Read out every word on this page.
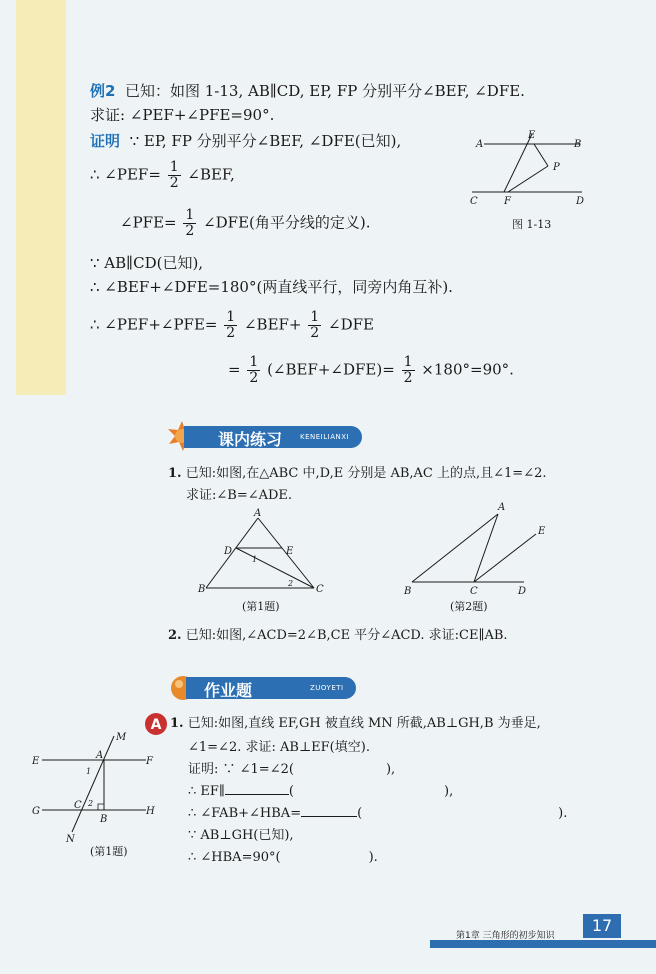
例2 已知：如图 1-13, AB∥CD, EP, FP 分别平分∠BEF, ∠DFE.
求证: ∠PEF+∠PFE=90°.
证明 ∵ EP, FP 分别平分∠BEF, ∠DFE(已知),
∴ ∠PEF= $\frac{1}{2}$ ∠BEF,
∠PFE= $\frac{1}{2}$ ∠DFE(角平分线的定义).
∵ AB∥CD(已知),
∴ ∠BEF+∠DFE=180°(两直线平行，同旁内角互补).
∴ ∠PEF+∠PFE= $\frac{1}{2}$ ∠BEF+ $\frac{1}{2}$ ∠DFE
= $\frac{1}{2}$ (∠BEF+∠DFE)= $\frac{1}{2} \times 180^\circ=90^\circ$.
A
E
B
P
C	F	D
图 1-13
课内练习	KENEILIANXI
1. 已知:如图,在△ABC 中,D,E 分别是 AB,AC 上的点,且∠1=∠2.
求证:∠B=∠ADE.
A
D	E
1
2
B	C
(第1题)
A
E
B	C	D
(第2题)
2. 已知:如图,∠ACD=2∠B,CE 平分∠ACD. 求证:CE∥AB.
作业题	ZUOYETI
A 1. 已知:如图,直线 EF,GH 被直线 MN 所截,AB⊥GH,B 为垂足,
∠1=∠2. 求证: AB⊥EF(填空).
证明: ∵ ∠1=∠2(	),
∴ EF∥	(	),
∴ ∠FAB+∠HBA=	(	).
∵ AB⊥GH(已知),
∴ ∠HBA=90°(	).
M
E
A
1
F
G
C 2
H
B
N
(第1题)
第1章 三角形的初步知识
17
